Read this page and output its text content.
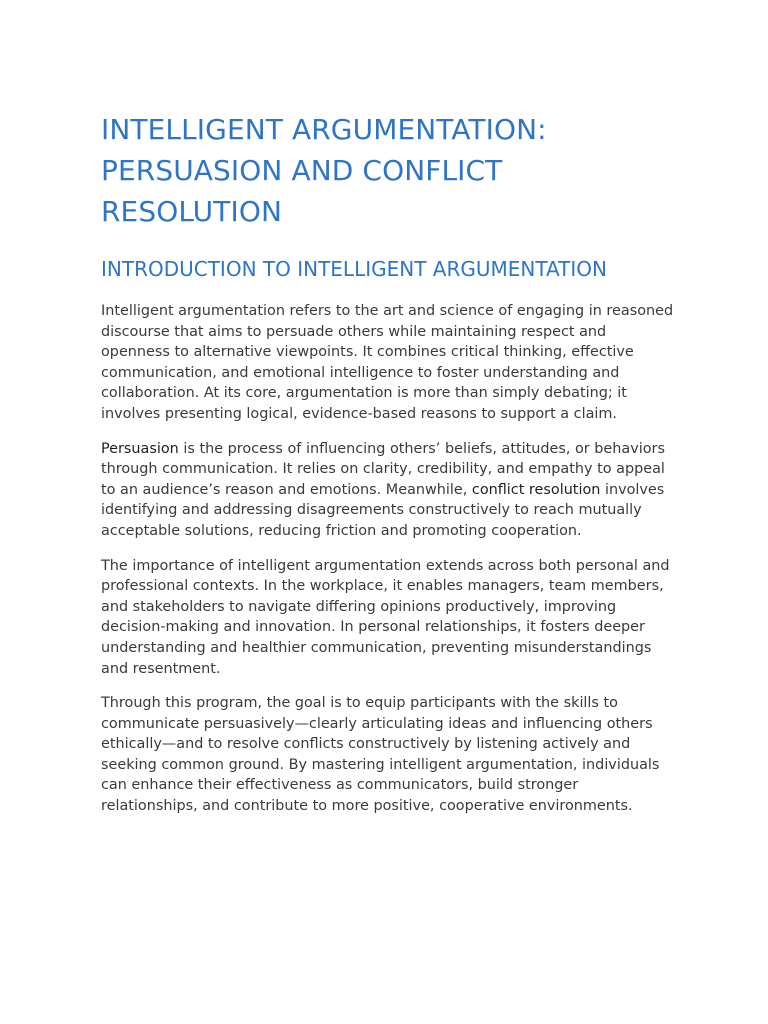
INTELLIGENT ARGUMENTATION: PERSUASION AND CONFLICT RESOLUTION
INTRODUCTION TO INTELLIGENT ARGUMENTATION

Intelligent argumentation refers to the art and science of engaging in reasoned discourse that aims to persuade others while maintaining respect and openness to alternative viewpoints. It combines critical thinking, effective communication, and emotional intelligence to foster understanding and collaboration. At its core, argumentation is more than simply debating; it involves presenting logical, evidence-based reasons to support a claim.

Persuasion is the process of influencing others’ beliefs, attitudes, or behaviors through communication. It relies on clarity, credibility, and empathy to appeal to an audience’s reason and emotions. Meanwhile, conflict resolution involves identifying and addressing disagreements constructively to reach mutually acceptable solutions, reducing friction and promoting cooperation.

The importance of intelligent argumentation extends across both personal and professional contexts. In the workplace, it enables managers, team members, and stakeholders to navigate differing opinions productively, improving decision-making and innovation. In personal relationships, it fosters deeper understanding and healthier communication, preventing misunderstandings and resentment.

Through this program, the goal is to equip participants with the skills to communicate persuasively—clearly articulating ideas and influencing others ethically—and to resolve conflicts constructively by listening actively and seeking common ground. By mastering intelligent argumentation, individuals can enhance their effectiveness as communicators, build stronger relationships, and contribute to more positive, cooperative environments.
